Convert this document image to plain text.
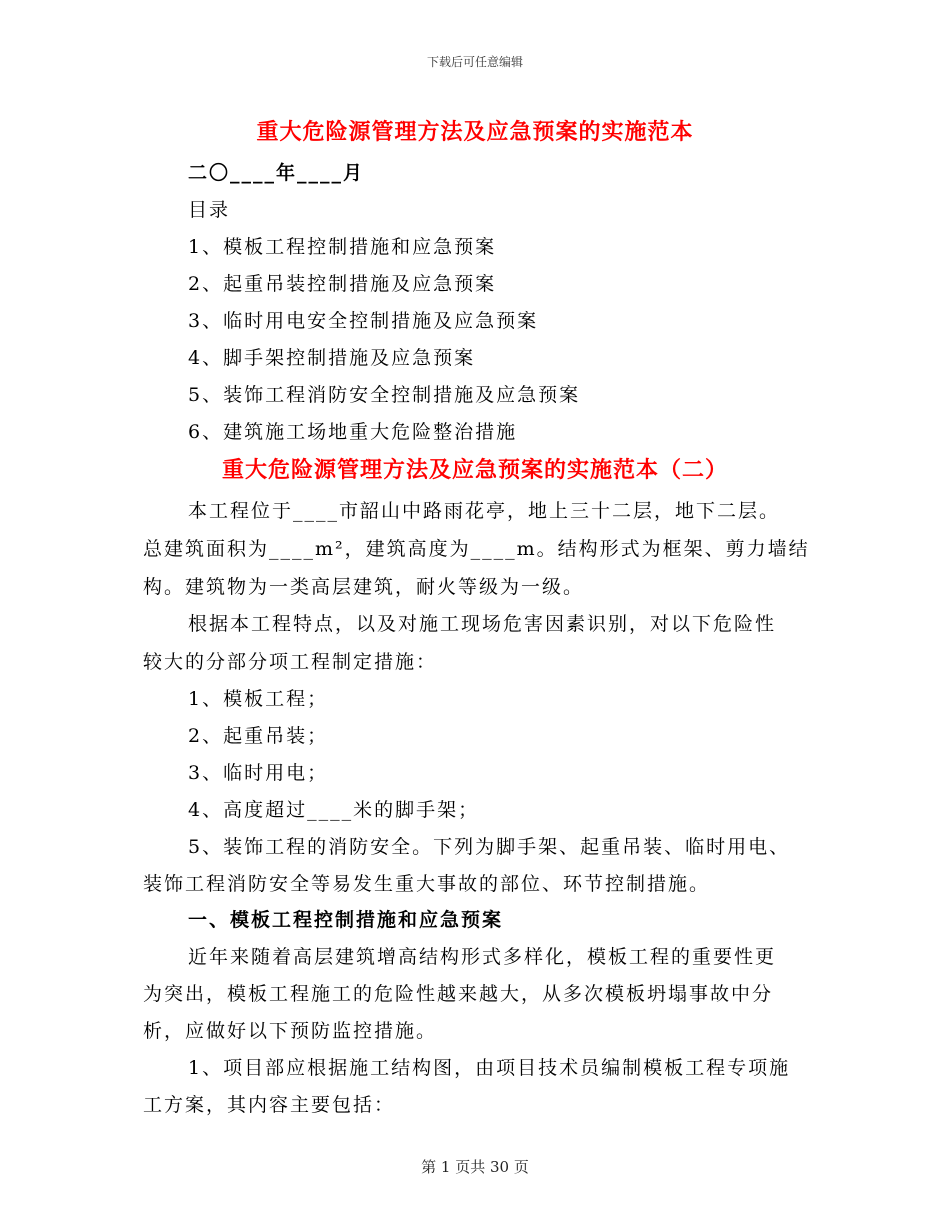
下载后可任意编辑
重大危险源管理方法及应急预案的实施范本
二〇____年____月
目录
1、模板工程控制措施和应急预案
2、起重吊装控制措施及应急预案
3、临时用电安全控制措施及应急预案
4、脚手架控制措施及应急预案
5、装饰工程消防安全控制措施及应急预案
6、建筑施工场地重大危险整治措施
重大危险源管理方法及应急预案的实施范本（二）
本工程位于____市韶山中路雨花亭，地上三十二层，地下二层。
总建筑面积为____m²，建筑高度为____m。结构形式为框架、剪力墙结
构。建筑物为一类高层建筑，耐火等级为一级。
根据本工程特点，以及对施工现场危害因素识别，对以下危险性
较大的分部分项工程制定措施：
1、模板工程；
2、起重吊装；
3、临时用电；
4、高度超过____米的脚手架；
5、装饰工程的消防安全。下列为脚手架、起重吊装、临时用电、
装饰工程消防安全等易发生重大事故的部位、环节控制措施。
一、模板工程控制措施和应急预案
近年来随着高层建筑增高结构形式多样化，模板工程的重要性更
为突出，模板工程施工的危险性越来越大，从多次模板坍塌事故中分
析，应做好以下预防监控措施。
1、项目部应根据施工结构图，由项目技术员编制模板工程专项施
工方案，其内容主要包括：
第 1 页共 30 页
